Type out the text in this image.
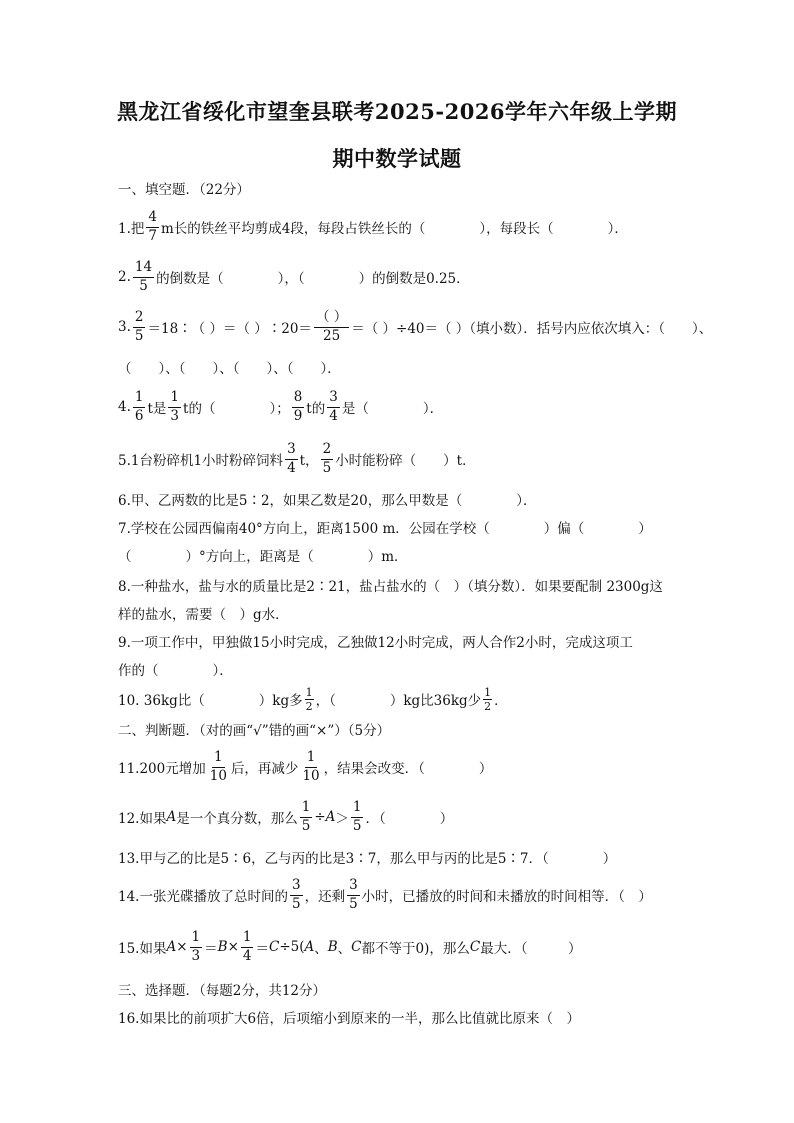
黑龙江省绥化市望奎县联考2025-2026学年六年级上学期
期中数学试题
一、填空题．（22分）
1.把 $\frac{4}{7}$ m长的铁丝平均剪成4段，每段占铁丝长的（　　　　），每段长（　　　　）．
2. $\frac{14}{5}$ 的倒数是（　　　　），（　　　　）的倒数是0.25．
3. $\frac{2}{5}$ ＝18∶（ ）＝（ ）∶20＝ $\frac{( )}{25}$ ＝（ ）÷40＝（ ）（填小数）．括号内应依次填入：（　　）、
（　　）、（　　）、（　　）、（　　）．
4. $\frac{1}{6}$ t是 $\frac{1}{3}$ t的（　　　　）； $\frac{8}{9}$ t的 $\frac{3}{4}$ 是（　　　　）．
5.1台粉碎机1小时粉碎饲料 $\frac{3}{4}$ t， $\frac{2}{5}$ 小时能粉碎（　　）t．
6.甲、乙两数的比是5∶2，如果乙数是20，那么甲数是（　　　　）．
7.学校在公园西偏南40°方向上，距离1500 m．公园在学校（　　　　）偏（　　　　）
（　　　　）°方向上，距离是（　　　　）m．
8.一种盐水，盐与水的质量比是2∶21，盐占盐水的（　）（填分数）．如果要配制 2300g这
样的盐水，需要（　）g水．
9.一项工作中，甲独做15小时完成，乙独做12小时完成，两人合作2小时，完成这项工
作的（　　　　）．
10. 36kg比（　　　　）kg多
1
2 ，（　　　　）kg比36kg少
1
2 ．
二、判断题．（对的画“√”错的画“×”）（5分）
11.200元增加 $\frac{1}{10}$ 后，再减少 $\frac{1}{10}$ ，结果会改变．（　　　　）
12.如果 A 是一个真分数，那么 $\frac{1}{5} \div A > \frac{1}{5}$ ．（　　　　）
13.甲与乙的比是5∶6，乙与丙的比是3∶7，那么甲与丙的比是5∶7．（　　　　）
14.一张光碟播放了总时间的 $\frac{3}{5}$ ，还剩 $\frac{3}{5}$ 小时，已播放的时间和未播放的时间相等．（　）
15.如果 $A \times \frac{1}{3} = B \times \frac{1}{4} = C \div 5$( A 、 B 、 C 都不等于0)，那么 C 最大．（　　　）
三、选择题．（每题2分，共12分）
16.如果比的前项扩大6倍，后项缩小到原来的一半，那么比值就比原来（　）
